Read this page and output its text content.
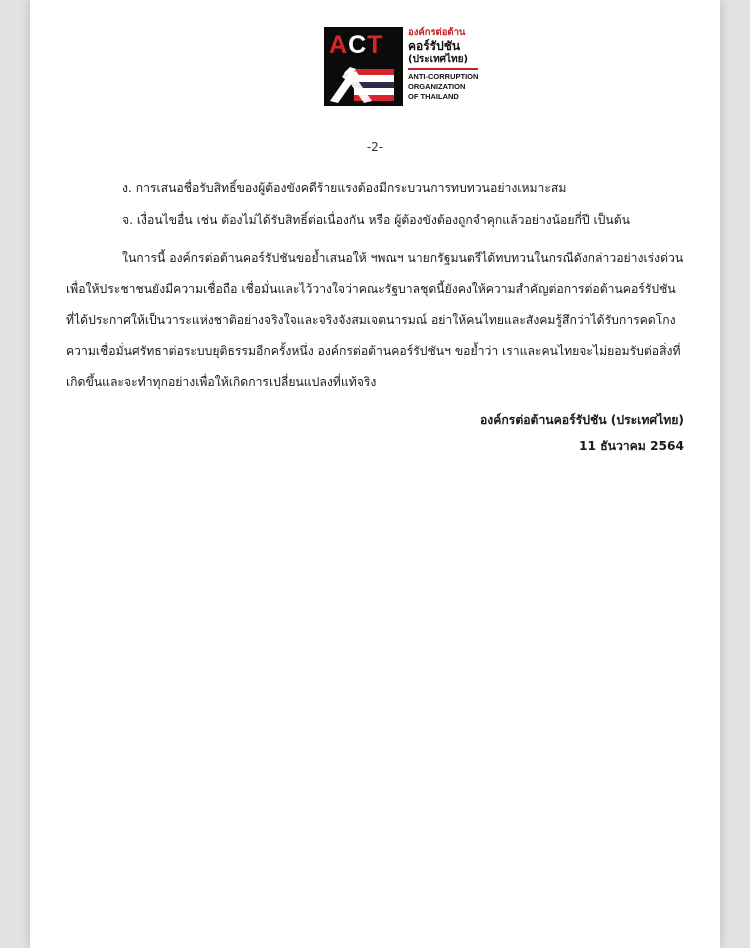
ACT	องค์กรต่อต้าน
คอร์รัปชัน
(ประเทศไทย)
ANTI-CORRUPTION
ORGANIZATION
OF THAILAND
-2-
ง. การเสนอชื่อรับสิทธิ์ของผู้ต้องขังคดีร้ายแรงต้องมีกระบวนการทบทวนอย่างเหมาะสม
จ. เงื่อนไขอื่น เช่น ต้องไม่ได้รับสิทธิ์ต่อเนื่องกัน หรือ ผู้ต้องขังต้องถูกจำคุกแล้วอย่างน้อยกี่ปี เป็นต้น
ในการนี้ องค์กรต่อต้านคอร์รัปชันขอย้ำเสนอให้ ฯพณฯ นายกรัฐมนตรีได้ทบทวนในกรณีดังกล่าวอย่างเร่งด่วน
เพื่อให้ประชาชนยังมีความเชื่อถือ เชื่อมั่นและไว้วางใจว่าคณะรัฐบาลชุดนี้ยังคงให้ความสำคัญต่อการต่อต้านคอร์รัปชัน
ที่ได้ประกาศให้เป็นวาระแห่งชาติอย่างจริงใจและจริงจังสมเจตนารมณ์ อย่าให้คนไทยและสังคมรู้สึกว่าได้รับการคดโกง
ความเชื่อมั่นศรัทธาต่อระบบยุติธรรมอีกครั้งหนึ่ง องค์กรต่อต้านคอร์รัปชันฯ ขอย้ำว่า เราและคนไทยจะไม่ยอมรับต่อสิ่งที่
เกิดขึ้นและจะทำทุกอย่างเพื่อให้เกิดการเปลี่ยนแปลงที่แท้จริง
องค์กรต่อต้านคอร์รัปชัน (ประเทศไทย)
11 ธันวาคม 2564
